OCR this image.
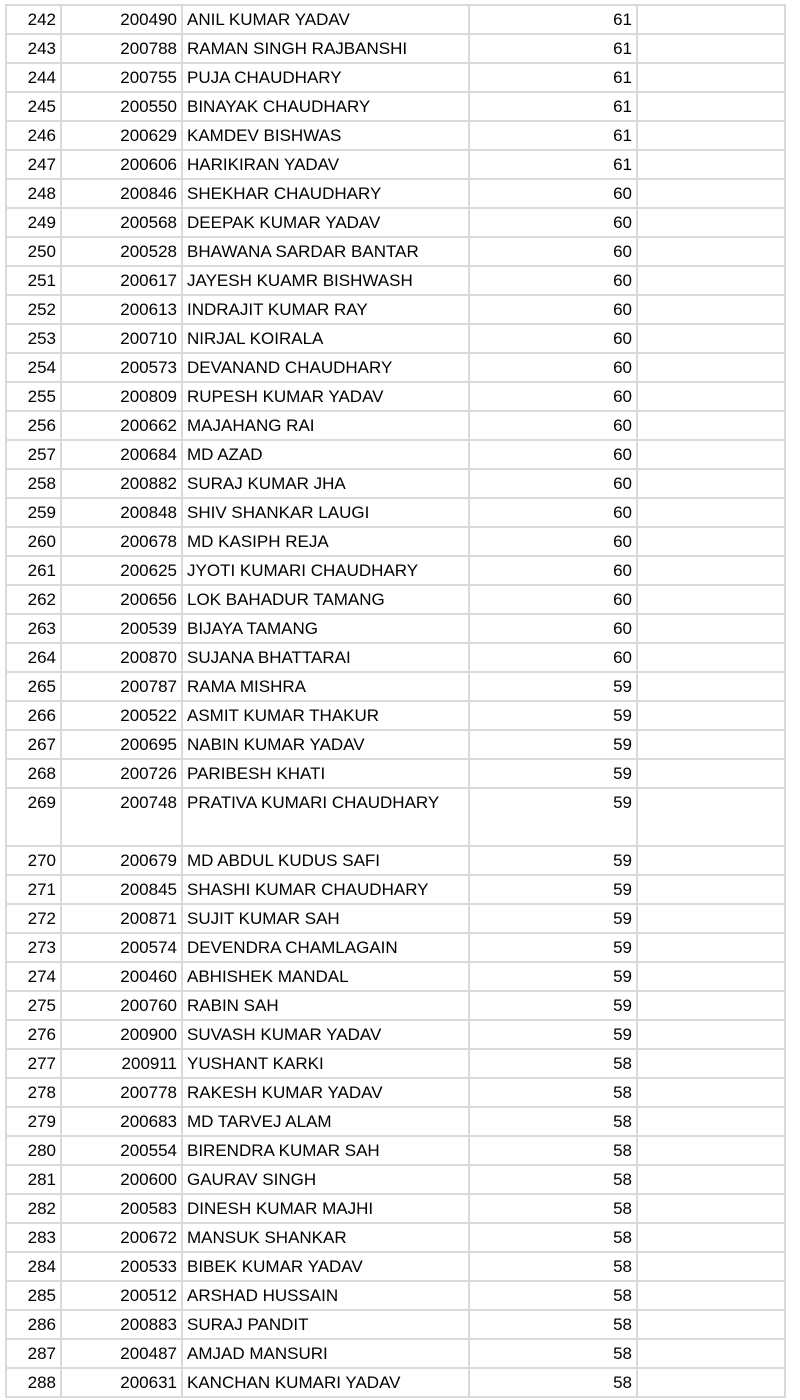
242	200490	ANIL KUMAR YADAV	61	
243	200788	RAMAN SINGH RAJBANSHI	61	
244	200755	PUJA CHAUDHARY	61	
245	200550	BINAYAK CHAUDHARY	61	
246	200629	KAMDEV BISHWAS	61	
247	200606	HARIKIRAN YADAV	61	
248	200846	SHEKHAR CHAUDHARY	60	
249	200568	DEEPAK KUMAR YADAV	60	
250	200528	BHAWANA SARDAR BANTAR	60	
251	200617	JAYESH KUAMR BISHWASH	60	
252	200613	INDRAJIT KUMAR RAY	60	
253	200710	NIRJAL KOIRALA	60	
254	200573	DEVANAND CHAUDHARY	60	
255	200809	RUPESH KUMAR YADAV	60	
256	200662	MAJAHANG RAI	60	
257	200684	MD AZAD	60	
258	200882	SURAJ KUMAR JHA	60	
259	200848	SHIV SHANKAR LAUGI	60	
260	200678	MD KASIPH REJA	60	
261	200625	JYOTI KUMARI CHAUDHARY	60	
262	200656	LOK BAHADUR TAMANG	60	
263	200539	BIJAYA TAMANG	60	
264	200870	SUJANA BHATTARAI	60	
265	200787	RAMA MISHRA	59	
266	200522	ASMIT KUMAR THAKUR	59	
267	200695	NABIN KUMAR YADAV	59	
268	200726	PARIBESH KHATI	59	
269	200748	PRATIVA KUMARI CHAUDHARY	59	
270	200679	MD ABDUL KUDUS SAFI	59	
271	200845	SHASHI KUMAR CHAUDHARY	59	
272	200871	SUJIT KUMAR SAH	59	
273	200574	DEVENDRA CHAMLAGAIN	59	
274	200460	ABHISHEK MANDAL	59	
275	200760	RABIN SAH	59	
276	200900	SUVASH KUMAR YADAV	59	
277	200911	YUSHANT KARKI	58	
278	200778	RAKESH KUMAR YADAV	58	
279	200683	MD TARVEJ ALAM	58	
280	200554	BIRENDRA KUMAR SAH	58	
281	200600	GAURAV SINGH	58	
282	200583	DINESH KUMAR MAJHI	58	
283	200672	MANSUK SHANKAR	58	
284	200533	BIBEK KUMAR YADAV	58	
285	200512	ARSHAD HUSSAIN	58	
286	200883	SURAJ PANDIT	58	
287	200487	AMJAD MANSURI	58	
288	200631	KANCHAN KUMARI YADAV	58	
